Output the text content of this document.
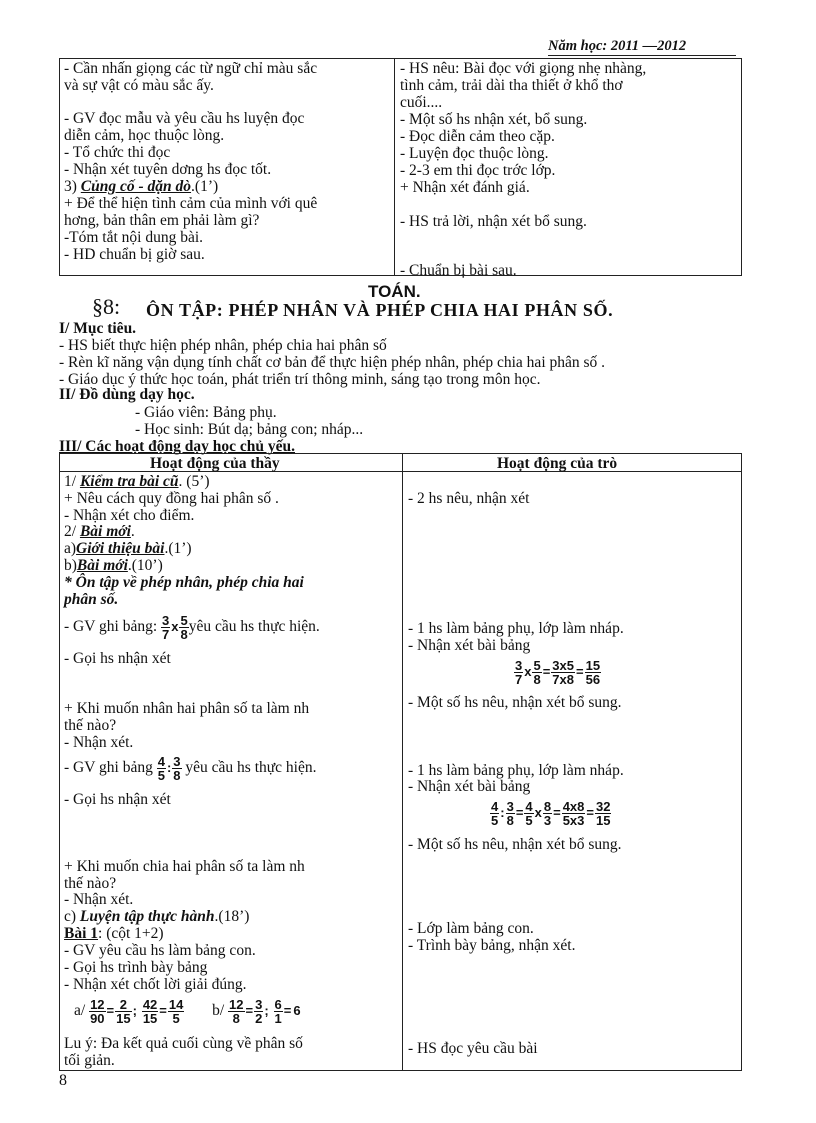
Năm học: 2011 —2012
- Cần nhấn giọng các từ ngữ chỉ màu sắc
và sự vật có màu sắc ấy.
- GV đọc mẫu và yêu cầu hs luyện đọc
diễn cảm, học thuộc lòng.
- Tổ chức thi đọc
- Nhận xét tuyên dơng hs đọc tốt.
3) Củng cố - dặn dò.(1’)
+ Để thể hiện tình cảm của mình với quê
hơng, bản thân em phải làm gì?
-Tóm tắt nội dung bài.
- HD chuẩn bị giờ sau.
- HS nêu: Bài đọc với giọng nhẹ nhàng,
tình cảm, trải dài tha thiết ở khổ thơ
cuối....
- Một số hs nhận xét, bổ sung.
- Đọc diễn cảm theo cặp.
- Luyện đọc thuộc lòng.
- 2-3 em thi đọc trớc lớp.
+ Nhận xét đánh giá.
- HS trả lời, nhận xét bổ sung.
- Chuẩn bị bài sau.
TOÁN.
§8: ÔN TẬP: PHÉP NHÂN VÀ PHÉP CHIA HAI PHÂN SỐ.
I/ Mục tiêu.
- HS biết thực hiện phép nhân, phép chia hai phân số
- Rèn kĩ năng vận dụng tính chất cơ bản để thực hiện phép nhân, phép chia hai phân số .
- Giáo dục ý thức học toán, phát triển trí thông minh, sáng tạo trong môn học.
II/ Đồ dùng dạy học.
- Giáo viên: Bảng phụ.
- Học sinh: Bút dạ; bảng con; nháp...
III/ Các hoạt động dạy học chủ yếu.
Hoạt động của thầy	Hoạt động của trò
1/ Kiểm tra bài cũ. (5’)
+ Nêu cách quy đồng hai phân số .
- Nhận xét cho điểm.
2/ Bài mới.
a)Giới thiệu bài.(1’)
b)Bài mới.(10’)
* Ôn tập về phép nhân, phép chia hai
phân số.
- GV ghi bảng: $\frac{3}{7}$ x $\frac{5}{8}$ yêu cầu hs thực hiện.
- Gọi hs nhận xét
+ Khi muốn nhân hai phân số ta làm nh
thế nào?
- Nhận xét.
- GV ghi bảng $\frac{4}{5}$ : $\frac{3}{8}$ yêu cầu hs thực hiện.
- Gọi hs nhận xét
+ Khi muốn chia hai phân số ta làm nh
thế nào?
- Nhận xét.
c) Luyện tập thực hành.(18’)
Bài 1: (cột 1+2)
- GV yêu cầu hs làm bảng con.
- Gọi hs trình bày bảng
- Nhận xét chốt lời giải đúng.
$a/ \frac{12}{90} = \frac{2}{15}$ ; $\frac{42}{15} = \frac{14}{5} b/ \frac{12}{8} = \frac{3}{2}$ ; $\frac{6}{1} = 6$
Lu ý: Đa kết quả cuối cùng về phân số
tối giản.
- 2 hs nêu, nhận xét
- 1 hs làm bảng phụ, lớp làm nháp.
- Nhận xét bài bảng
$\frac{3}{7}$ x $\frac{5}{8} = \frac{3x5}{7x8} = \frac{15}{56}$
- Một số hs nêu, nhận xét bổ sung.
- 1 hs làm bảng phụ, lớp làm nháp.
- Nhận xét bài bảng
$\frac{4}{5}$ : $\frac{3}{8} = \frac{4}{5}$ x $\frac{8}{3} = \frac{4x8}{5x3} = \frac{32}{15}$
- Một số hs nêu, nhận xét bổ sung.
- Lớp làm bảng con.
- Trình bày bảng, nhận xét.
- HS đọc yêu cầu bài
8
